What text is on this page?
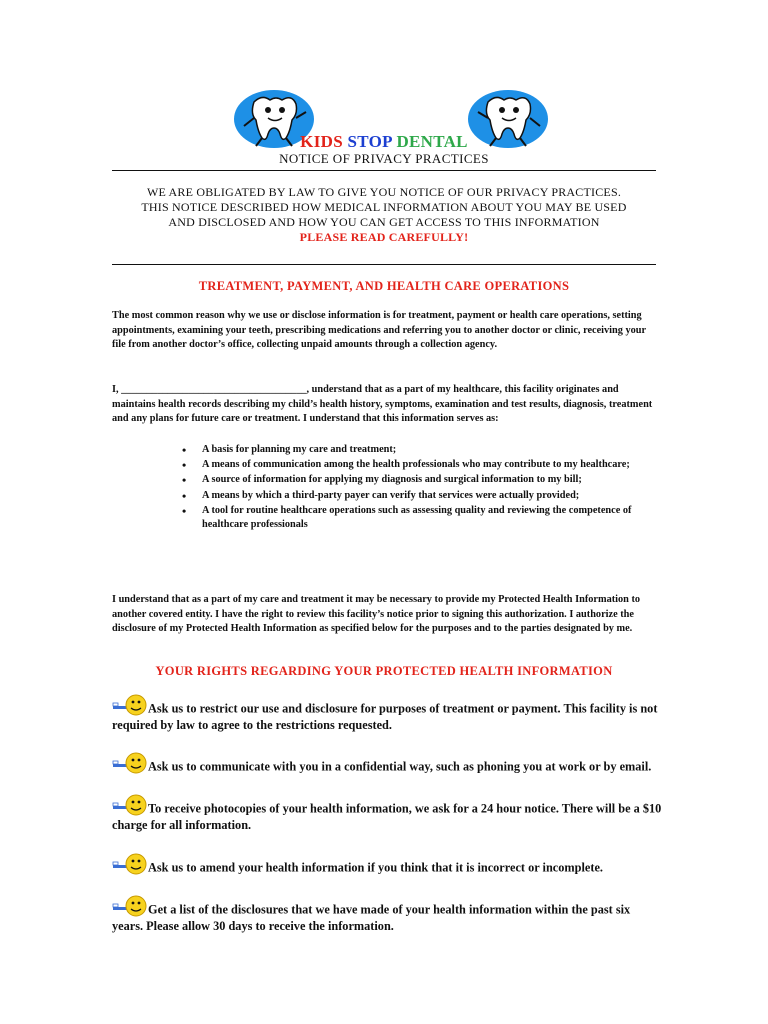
KIDS STOP DENTAL
NOTICE OF PRIVACY PRACTICES
WE ARE OBLIGATED BY LAW TO GIVE YOU NOTICE OF OUR PRIVACY PRACTICES.
THIS NOTICE DESCRIBED HOW MEDICAL INFORMATION ABOUT YOU MAY BE USED
AND DISCLOSED AND HOW YOU CAN GET ACCESS TO THIS INFORMATION
PLEASE READ CAREFULLY!
TREATMENT, PAYMENT, AND HEALTH CARE OPERATIONS
The most common reason why we use or disclose information is for treatment, payment or health care operations, setting appointments, examining your teeth, prescribing medications and referring you to another doctor or clinic, receiving your file from another doctor’s office, collecting unpaid amounts through a collection agency.
I, ____________________________________, understand that as a part of my healthcare, this facility originates and maintains health records describing my child’s health history, symptoms, examination and test results, diagnosis, treatment and any plans for future care or treatment. I understand that this information serves as:
• A basis for planning my care and treatment;
• A means of communication among the health professionals who may contribute to my healthcare;
• A source of information for applying my diagnosis and surgical information to my bill;
• A means by which a third-party payer can verify that services were actually provided;
• A tool for routine healthcare operations such as assessing quality and reviewing the competence of healthcare professionals
I understand that as a part of my care and treatment it may be necessary to provide my Protected Health Information to another covered entity. I have the right to review this facility’s notice prior to signing this authorization. I authorize the disclosure of my Protected Health Information as specified below for the purposes and to the parties designated by me.
YOUR RIGHTS REGARDING YOUR PROTECTED HEALTH INFORMATION
Ask us to restrict our use and disclosure for purposes of treatment or payment. This facility is not required by law to agree to the restrictions requested.
Ask us to communicate with you in a confidential way, such as phoning you at work or by email.
To receive photocopies of your health information, we ask for a 24 hour notice. There will be a $10 charge for all information.
Ask us to amend your health information if you think that it is incorrect or incomplete.
Get a list of the disclosures that we have made of your health information within the past six years. Please allow 30 days to receive the information.
